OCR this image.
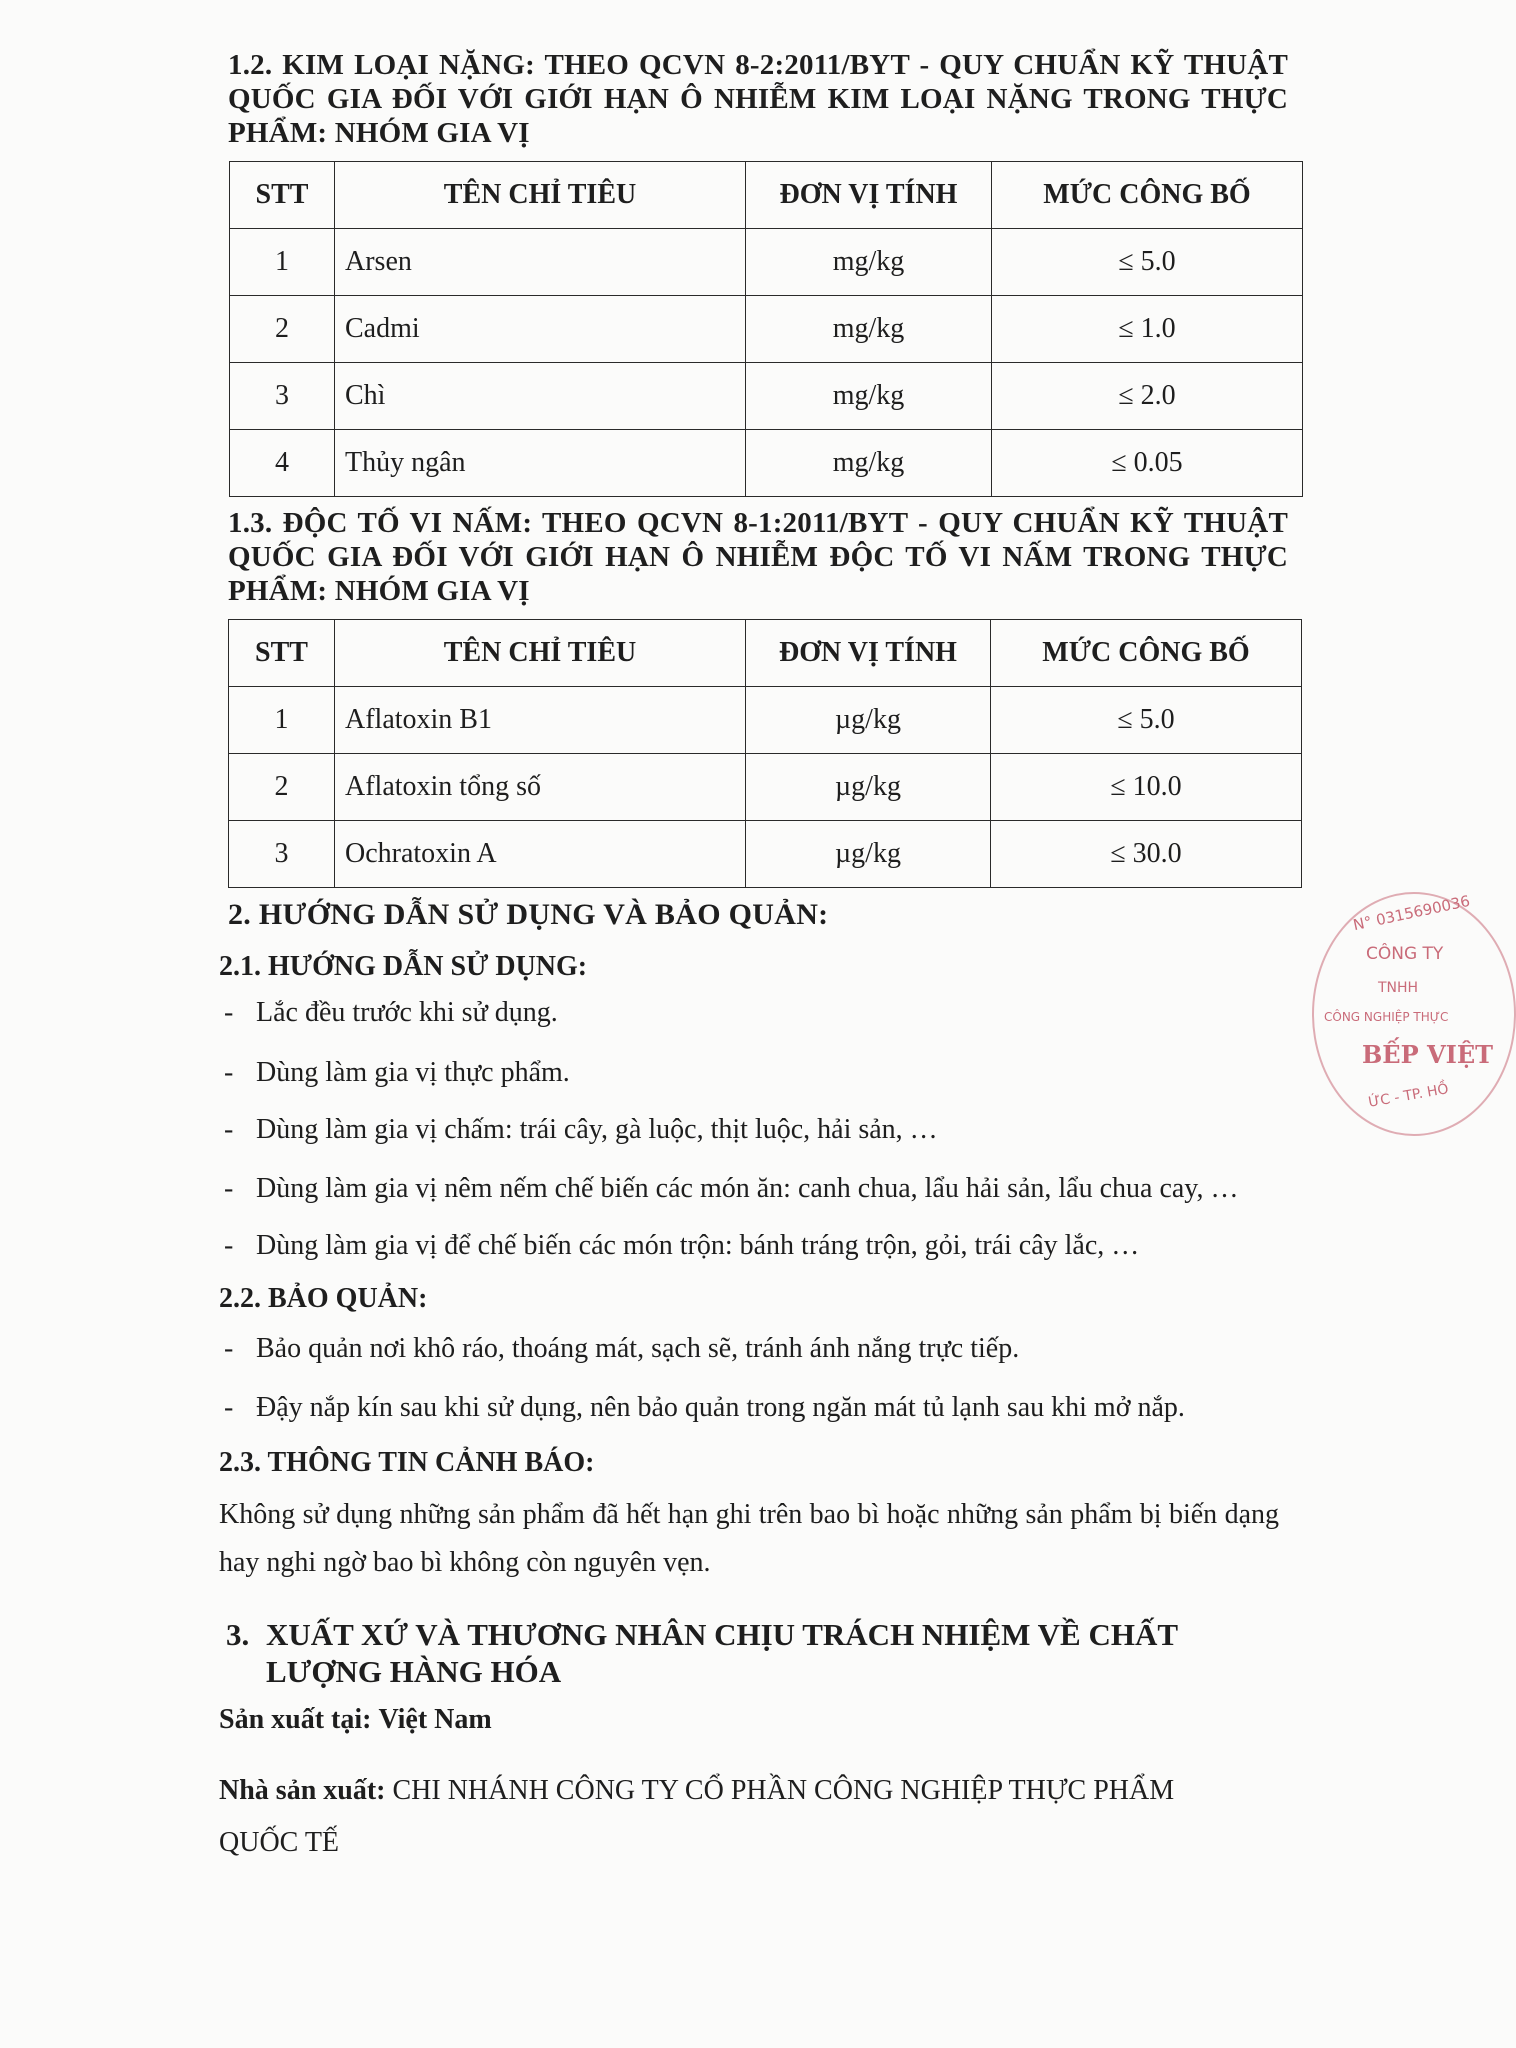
1.2. KIM LOẠI NẶNG: THEO QCVN 8-2:2011/BYT - QUY CHUẨN KỸ THUẬT QUỐC GIA ĐỐI VỚI GIỚI HẠN Ô NHIỄM KIM LOẠI NẶNG TRONG THỰC PHẨM: NHÓM GIA VỊ
STT	TÊN CHỈ TIÊU	ĐƠN VỊ TÍNH	MỨC CÔNG BỐ
1	Arsen	mg/kg	≤ 5.0
2	Cadmi	mg/kg	≤ 1.0
3	Chì	mg/kg	≤ 2.0
4	Thủy ngân	mg/kg	≤ 0.05
1.3. ĐỘC TỐ VI NẤM: THEO QCVN 8-1:2011/BYT - QUY CHUẨN KỸ THUẬT QUỐC GIA ĐỐI VỚI GIỚI HẠN Ô NHIỄM ĐỘC TỐ VI NẤM TRONG THỰC PHẨM: NHÓM GIA VỊ
STT	TÊN CHỈ TIÊU	ĐƠN VỊ TÍNH	MỨC CÔNG BỐ
1	Aflatoxin B1	µg/kg	≤ 5.0
2	Aflatoxin tổng số	µg/kg	≤ 10.0
3	Ochratoxin A	µg/kg	≤ 30.0
2. HƯỚNG DẪN SỬ DỤNG VÀ BẢO QUẢN:
2.1. HƯỚNG DẪN SỬ DỤNG:

- Lắc đều trước khi sử dụng.

- Dùng làm gia vị thực phẩm.

- Dùng làm gia vị chấm: trái cây, gà luộc, thịt luộc, hải sản, …

- Dùng làm gia vị nêm nếm chế biến các món ăn: canh chua, lẩu hải sản, lẩu chua cay, …

- Dùng làm gia vị để chế biến các món trộn: bánh tráng trộn, gỏi, trái cây lắc, …

2.2. BẢO QUẢN:

- Bảo quản nơi khô ráo, thoáng mát, sạch sẽ, tránh ánh nắng trực tiếp.

- Đậy nắp kín sau khi sử dụng, nên bảo quản trong ngăn mát tủ lạnh sau khi mở nắp.

2.3. THÔNG TIN CẢNH BÁO:

Không sử dụng những sản phẩm đã hết hạn ghi trên bao bì hoặc những sản phẩm bị biến dạng hay nghi ngờ bao bì không còn nguyên vẹn.

3. XUẤT XỨ VÀ THƯƠNG NHÂN CHỊU TRÁCH NHIỆM VỀ CHẤT
LƯỢNG HÀNG HÓA

Sản xuất tại: Việt Nam

Nhà sản xuất: CHI NHÁNH CÔNG TY CỔ PHẦN CÔNG NGHIỆP THỰC PHẨM

QUỐC TẾ

N° 0315690036
CÔNG TY
TNHH
CÔNG NGHIỆP THỰC
BẾP VIỆT
ỨC - TP. HỒ
